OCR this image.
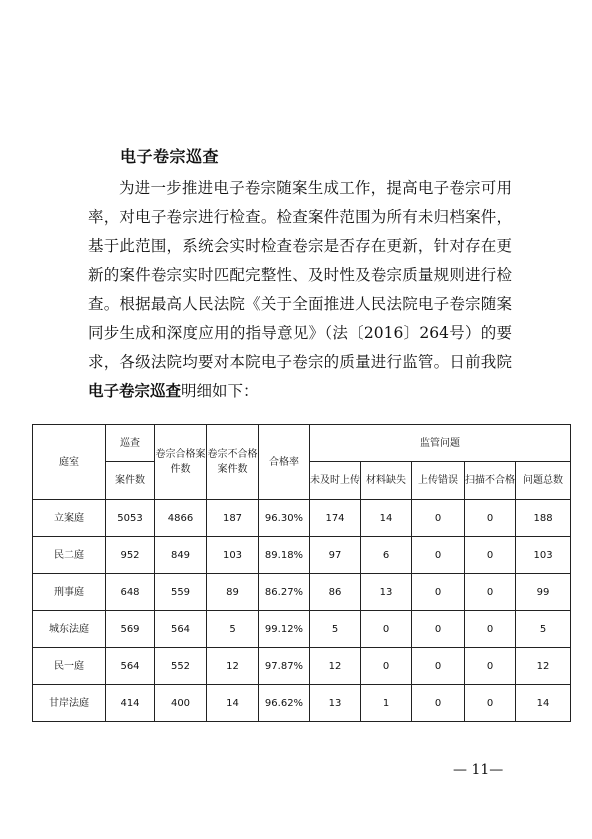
电子卷宗巡查

为进一步推进电子卷宗随案生成工作，提高电子卷宗可用率，对电子卷宗进行检查。检查案件范围为所有未归档案件，基于此范围，系统会实时检查卷宗是否存在更新，针对存在更新的案件卷宗实时匹配完整性、及时性及卷宗质量规则进行检查。根据最高人民法院《关于全面推进人民法院电子卷宗随案同步生成和深度应用的指导意见》（法〔2016〕264号）的要求，各级法院均要对本院电子卷宗的质量进行监管。日前我院电子卷宗巡查明细如下：

庭室	巡查	卷宗合格案件数	卷宗不合格案件数	合格率	监管问题				
	案件数				未及时上传	材料缺失	上传错误	扫描不合格	问题总数
立案庭	5053	4866	187	96.30%	174	14	0	0	188
民二庭	952	849	103	89.18%	97	6	0	0	103
刑事庭	648	559	89	86.27%	86	13	0	0	99
城东法庭	569	564	5	99.12%	5	0	0	0	5
民一庭	564	552	12	97.87%	12	0	0	0	12
甘岸法庭	414	400	14	96.62%	13	1	0	0	14
— 11—
